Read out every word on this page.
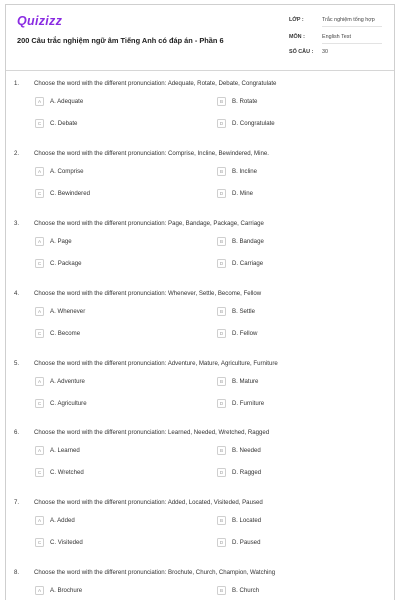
Quizizz
200 Câu trắc nghiệm ngữ âm Tiếng Anh có đáp án - Phần 6
LỚP :	Trắc nghiệm tổng hợp
MÔN :	English Test
SỐ CÂU :	30
1. Choose the word with the different pronunciation: Adequate, Rotate, Debate, Congratulate
A	A. Adequate	B	B. Rotate
C	C. Debate	D	D. Congratulate
2. Choose the word with the different pronunciation: Comprise, Incline, Bewindered, Mine.
A	A. Comprise	B	B. Incline
C	C. Bewindered	D	D. Mine
3. Choose the word with the different pronunciation: Page, Bandage, Package, Carriage
A	A. Page	B	B. Bandage
C	C. Package	D	D. Carriage
4. Choose the word with the different pronunciation: Whenever, Settle, Become, Fellow
A	A. Whenever	B	B. Settle
C	C. Become	D	D. Fellow
5. Choose the word with the different pronunciation: Adventure, Mature, Agriculture, Furniture
A	A. Adventure	B	B. Mature
C	C. Agriculture	D	D. Furniture
6. Choose the word with the different pronunciation: Learned, Needed, Wretched, Ragged
A	A. Learned	B	B. Needed
C	C. Wretched	D	D. Ragged
7. Choose the word with the different pronunciation: Added, Located, Visiteded, Paused
A	A. Added	B	B. Located
C	C. Visiteded	D	D. Paused
8. Choose the word with the different pronunciation: Brochute, Church, Champion, Watching
A	A. Brochure	B	B. Church
